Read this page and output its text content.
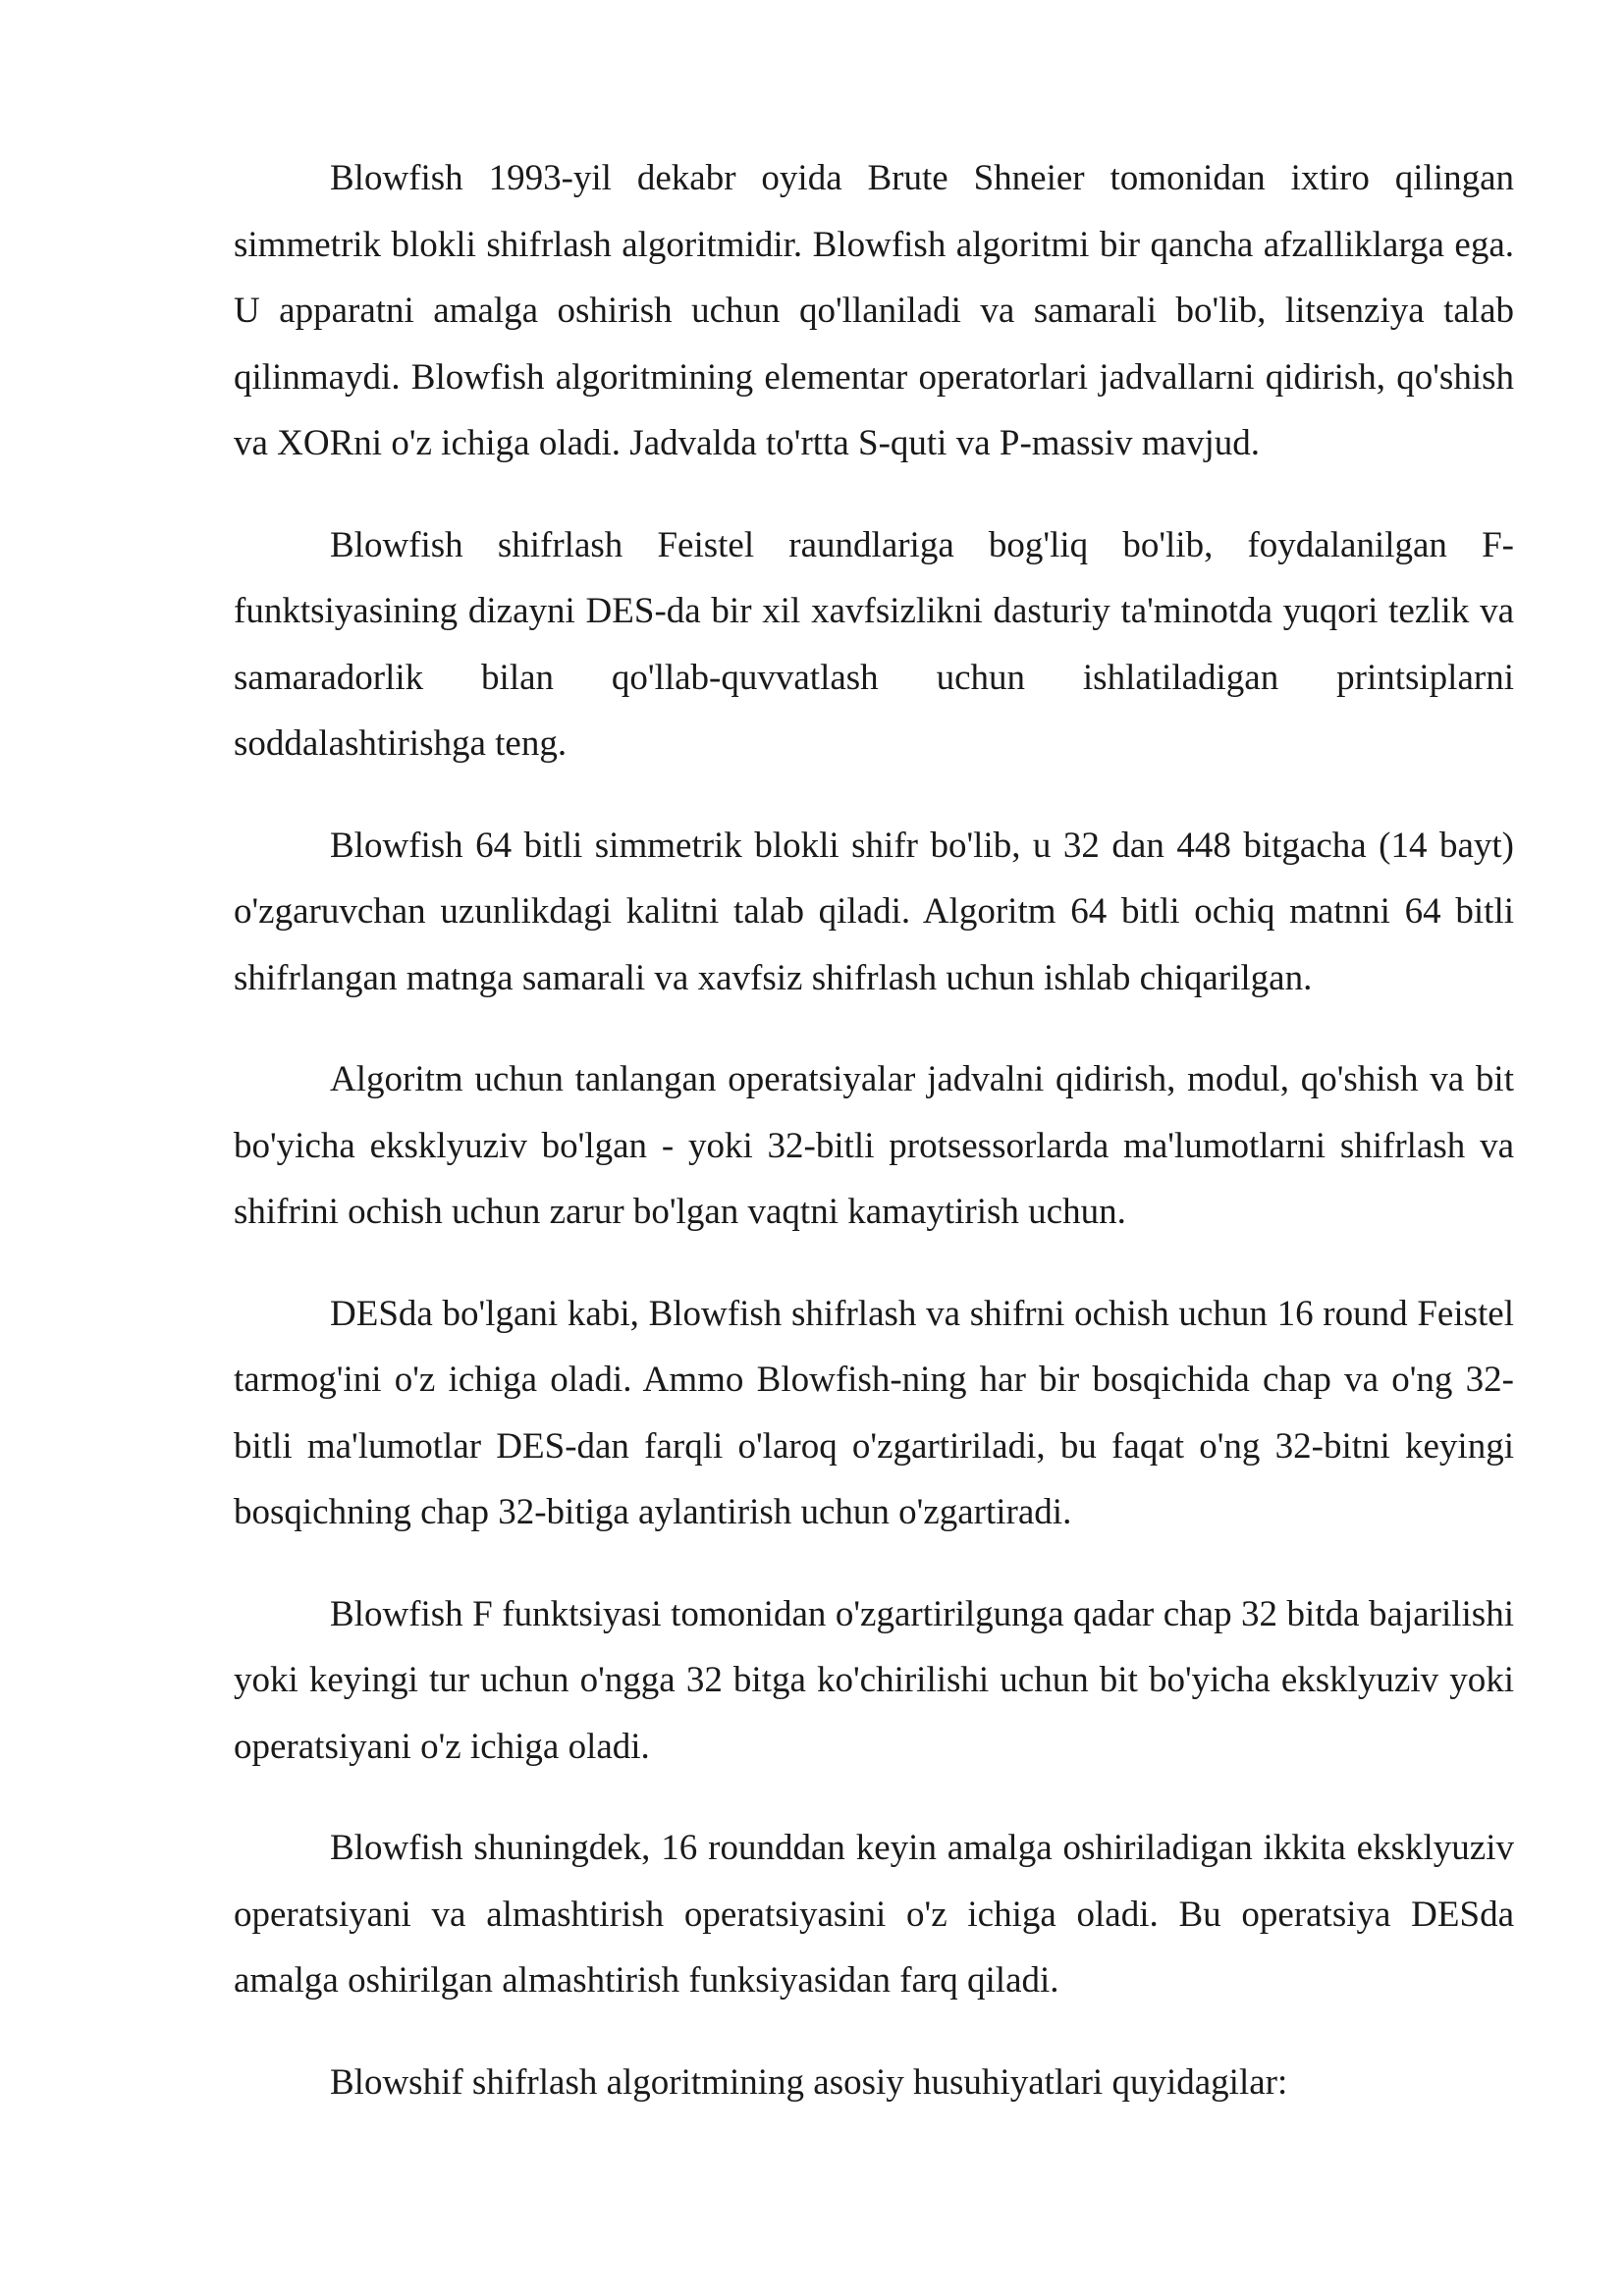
Blowfish 1993-yil dekabr oyida Brute Shneier tomonidan ixtiro qilingan simmetrik blokli shifrlash algoritmidir. Blowfish algoritmi bir qancha afzalliklarga ega. U apparatni amalga oshirish uchun qo'llaniladi va samarali bo'lib, litsenziya talab qilinmaydi. Blowfish algoritmining elementar operatorlari jadvallarni qidirish, qo'shish va XORni o'z ichiga oladi. Jadvalda to'rtta S-quti va P-massiv mavjud.

Blowfish shifrlash Feistel raundlariga bog'liq bo'lib, foydalanilgan F-funktsiyasining dizayni DES-da bir xil xavfsizlikni dasturiy ta'minotda yuqori tezlik va samaradorlik bilan qo'llab-quvvatlash uchun ishlatiladigan printsiplarni soddalashtirishga teng.

Blowfish 64 bitli simmetrik blokli shifr bo'lib, u 32 dan 448 bitgacha (14 bayt) o'zgaruvchan uzunlikdagi kalitni talab qiladi. Algoritm 64 bitli ochiq matnni 64 bitli shifrlangan matnga samarali va xavfsiz shifrlash uchun ishlab chiqarilgan.

Algoritm uchun tanlangan operatsiyalar jadvalni qidirish, modul, qo'shish va bit bo'yicha eksklyuziv bo'lgan - yoki 32-bitli protsessorlarda ma'lumotlarni shifrlash va shifrini ochish uchun zarur bo'lgan vaqtni kamaytirish uchun.

DESda bo'lgani kabi, Blowfish shifrlash va shifrni ochish uchun 16 round Feistel tarmog'ini o'z ichiga oladi. Ammo Blowfish-ning har bir bosqichida chap va o'ng 32-bitli ma'lumotlar DES-dan farqli o'laroq o'zgartiriladi, bu faqat o'ng 32-bitni keyingi bosqichning chap 32-bitiga aylantirish uchun o'zgartiradi.

Blowfish F funktsiyasi tomonidan o'zgartirilgunga qadar chap 32 bitda bajarilishi yoki keyingi tur uchun o'ngga 32 bitga ko'chirilishi uchun bit bo'yicha eksklyuziv yoki operatsiyani o'z ichiga oladi.

Blowfish shuningdek, 16 rounddan keyin amalga oshiriladigan ikkita eksklyuziv operatsiyani va almashtirish operatsiyasini o'z ichiga oladi. Bu operatsiya DESda amalga oshirilgan almashtirish funksiyasidan farq qiladi.

Blowshif shifrlash algoritmining asosiy husuhiyatlari quyidagilar:
